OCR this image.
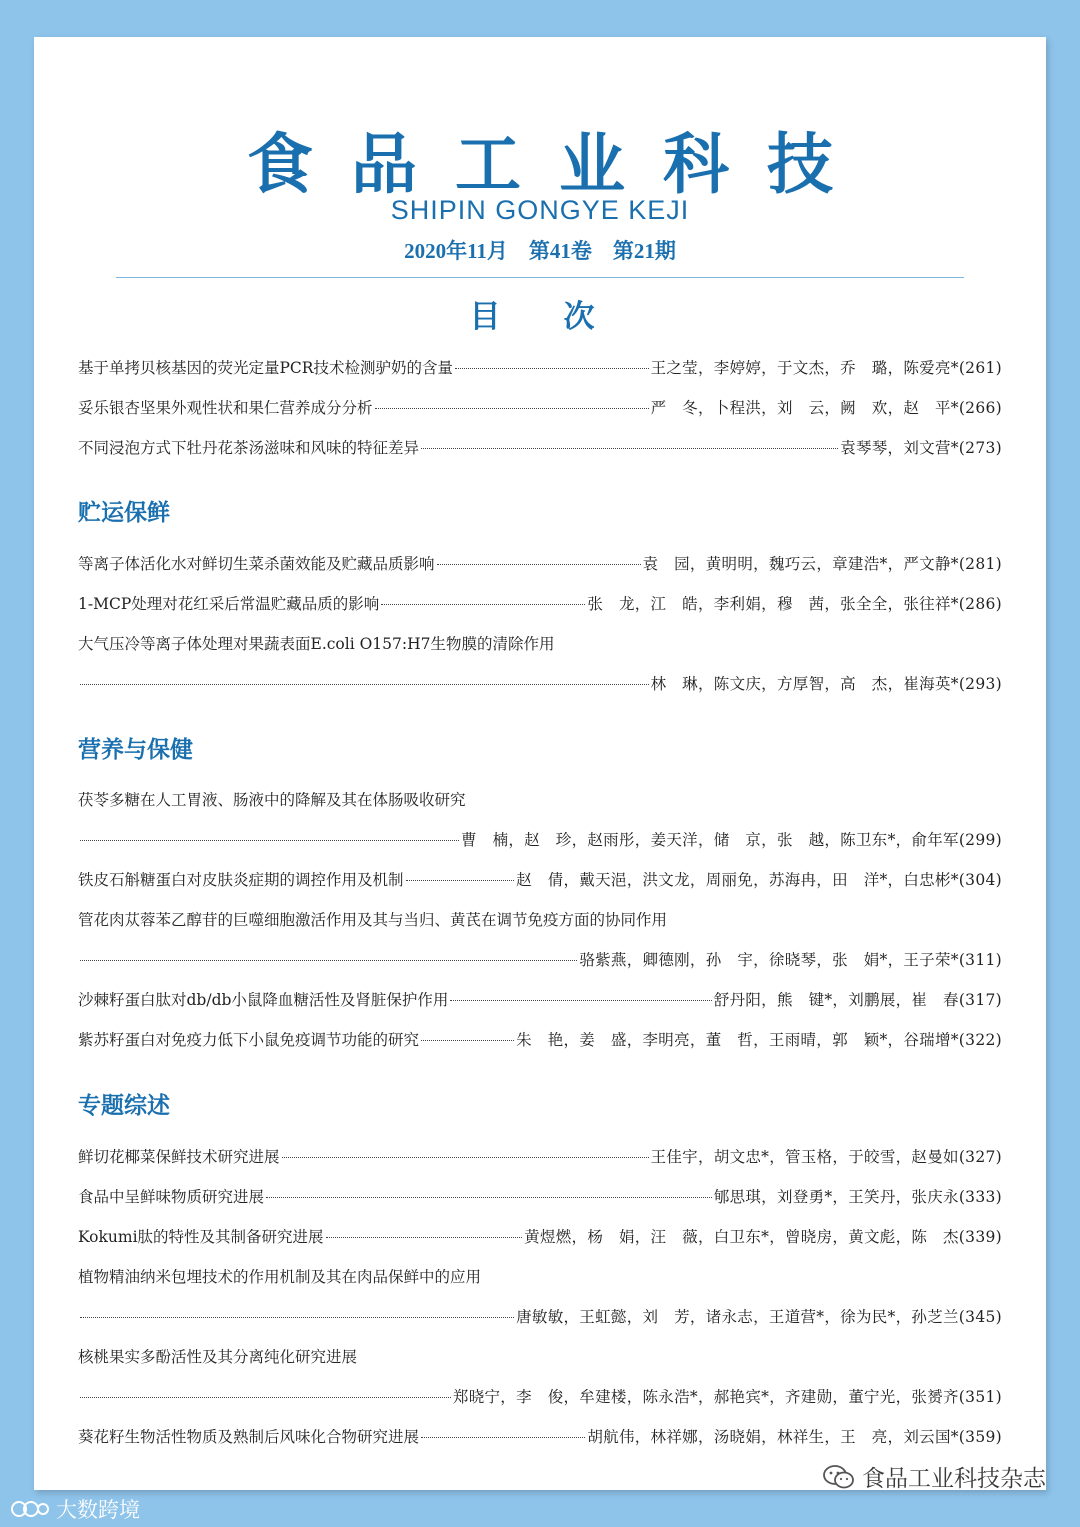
食品工业科技
SHIPIN GONGYE KEJI
2020年11月　第41卷　第21期
目　次
贮运保鲜
营养与保健
专题综述
基于单拷贝核基因的荧光定量PCR技术检测驴奶的含量	王之莹，李婷婷，于文杰，乔　璐，陈爱亮*(261)
妥乐银杏坚果外观性状和果仁营养成分分析	严　冬，卜程洪，刘　云，阙　欢，赵　平*(266)
不同浸泡方式下牡丹花茶汤滋味和风味的特征差异	袁琴琴，刘文营*(273)
等离子体活化水对鲜切生菜杀菌效能及贮藏品质影响	袁　园，黄明明，魏巧云，章建浩*，严文静*(281)
1-MCP处理对花红采后常温贮藏品质的影响	张　龙，江　皓，李利娟，穆　茜，张全全，张往祥*(286)
大气压冷等离子体处理对果蔬表面E.coli O157:H7生物膜的清除作用
林　琳，陈文庆，方厚智，高　杰，崔海英*(293)
茯苓多糖在人工胃液、肠液中的降解及其在体肠吸收研究
曹　楠，赵　珍，赵雨彤，姜天洋，储　京，张　越，陈卫东*，俞年军(299)
铁皮石斛糖蛋白对皮肤炎症期的调控作用及机制	赵　倩，戴天浥，洪文龙，周丽免，苏海冉，田　洋*，白忠彬*(304)
管花肉苁蓉苯乙醇苷的巨噬细胞激活作用及其与当归、黄芪在调节免疫方面的协同作用
骆紫燕，卿德刚，孙　宇，徐晓琴，张　娟*，王子荣*(311)
沙棘籽蛋白肽对db/db小鼠降血糖活性及肾脏保护作用	舒丹阳，熊　键*，刘鹏展，崔　春(317)
紫苏籽蛋白对免疫力低下小鼠免疫调节功能的研究	朱　艳，姜　盛，李明亮，董　哲，王雨晴，郭　颖*，谷瑞增*(322)
鲜切花椰菜保鲜技术研究进展	王佳宇，胡文忠*，管玉格，于皎雪，赵曼如(327)
食品中呈鲜味物质研究进展	郇思琪，刘登勇*，王笑丹，张庆永(333)
Kokumi肽的特性及其制备研究进展	黄煜燃，杨　娟，汪　薇，白卫东*，曾晓房，黄文彪，陈　杰(339)
植物精油纳米包埋技术的作用机制及其在肉品保鲜中的应用
唐敏敏，王虹懿，刘　芳，诸永志，王道营*，徐为民*，孙芝兰(345)
核桃果实多酚活性及其分离纯化研究进展
郑晓宁，李　俊，牟建楼，陈永浩*，郝艳宾*，齐建勋，董宁光，张赟齐(351)
葵花籽生物活性物质及熟制后风味化合物研究进展	胡航伟，林祥娜，汤晓娟，林祥生，王　亮，刘云国*(359)
食品工业科技杂志
大数跨境
